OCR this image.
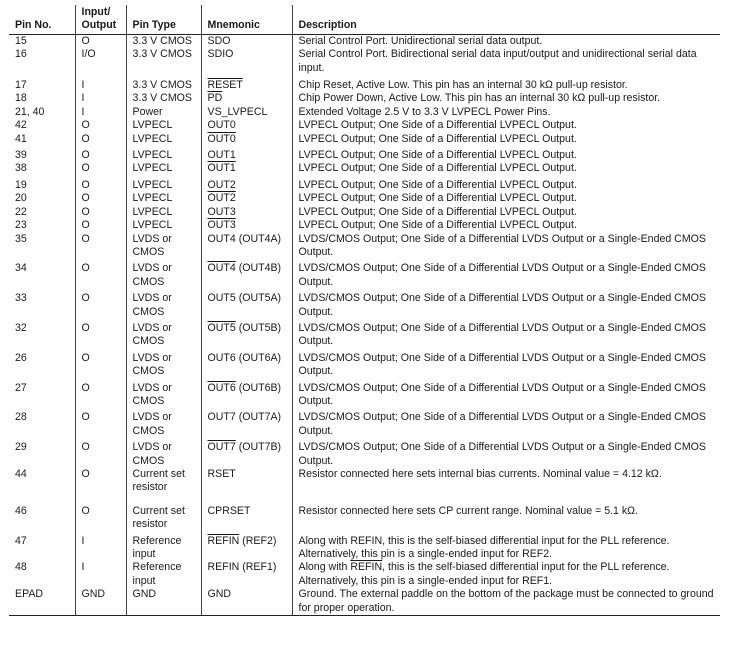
Pin No.	Input/ Output	Pin Type	Mnemonic	Description
15	O	3.3 V CMOS	SDO	Serial Control Port. Unidirectional serial data output.
16	I/O	3.3 V CMOS	SDIO	Serial Control Port. Bidirectional serial data input/output and unidirectional serial data input.
17	I	3.3 V CMOS	RESET	Chip Reset, Active Low. This pin has an internal 30 kΩ pull-up resistor.
18	I	3.3 V CMOS	$\overline{PD}$	Chip Power Down, Active Low. This pin has an internal 30 kΩ pull-up resistor.
21, 40	I	Power	VS_LVPECL	Extended Voltage 2.5 V to 3.3 V LVPECL Power Pins.
42	O	LVPECL	OUT0	LVPECL Output; One Side of a Differential LVPECL Output.
41	O	LVPECL	OUT0	LVPECL Output; One Side of a Differential LVPECL Output.
39	O	LVPECL	OUT1	LVPECL Output; One Side of a Differential LVPECL Output.
38	O	LVPECL	OUT1	LVPECL Output; One Side of a Differential LVPECL Output.
19	O	LVPECL	OUT2	LVPECL Output; One Side of a Differential LVPECL Output.
20	O	LVPECL	OUT2	LVPECL Output; One Side of a Differential LVPECL Output.
22	O	LVPECL	OUT3	LVPECL Output; One Side of a Differential LVPECL Output.
23	O	LVPECL	OUT3	LVPECL Output; One Side of a Differential LVPECL Output.
35	O	LVDS or CMOS	OUT4 (OUT4A)	LVDS/CMOS Output; One Side of a Differential LVDS Output or a Single-Ended CMOS Output.
34	O	LVDS or CMOS	OUT4 (OUT4B)	LVDS/CMOS Output; One Side of a Differential LVDS Output or a Single-Ended CMOS Output.
33	O	LVDS or CMOS	OUT5 (OUT5A)	LVDS/CMOS Output; One Side of a Differential LVDS Output or a Single-Ended CMOS Output.
32	O	LVDS or CMOS	OUT5 (OUT5B)	LVDS/CMOS Output; One Side of a Differential LVDS Output or a Single-Ended CMOS Output.
26	O	LVDS or CMOS	OUT6 (OUT6A)	LVDS/CMOS Output; One Side of a Differential LVDS Output or a Single-Ended CMOS Output.
27	O	LVDS or CMOS	OUT6 (OUT6B)	LVDS/CMOS Output; One Side of a Differential LVDS Output or a Single-Ended CMOS Output.
28	O	LVDS or CMOS	OUT7 (OUT7A)	LVDS/CMOS Output; One Side of a Differential LVDS Output or a Single-Ended CMOS Output.
29	O	LVDS or CMOS	OUT7 (OUT7B)	LVDS/CMOS Output; One Side of a Differential LVDS Output or a Single-Ended CMOS Output.
44	O	Current set resistor	RSET	Resistor connected here sets internal bias currents. Nominal value = 4.12 kΩ.
46	O	Current set resistor	CPRSET	Resistor connected here sets CP current range. Nominal value = 5.1 kΩ.
47	I	Reference input	REFIN (REF2)	Along with REFIN, this is the self-biased differential input for the PLL reference. Alternatively, this pin is a single-ended input for REF2.
48	I	Reference input	REFIN (REF1)	Along with REFIN, this is the self-biased differential input for the PLL reference. Alternatively, this pin is a single-ended input for REF1.
EPAD	GND	GND	GND	Ground. The external paddle on the bottom of the package must be connected to ground for proper operation.
